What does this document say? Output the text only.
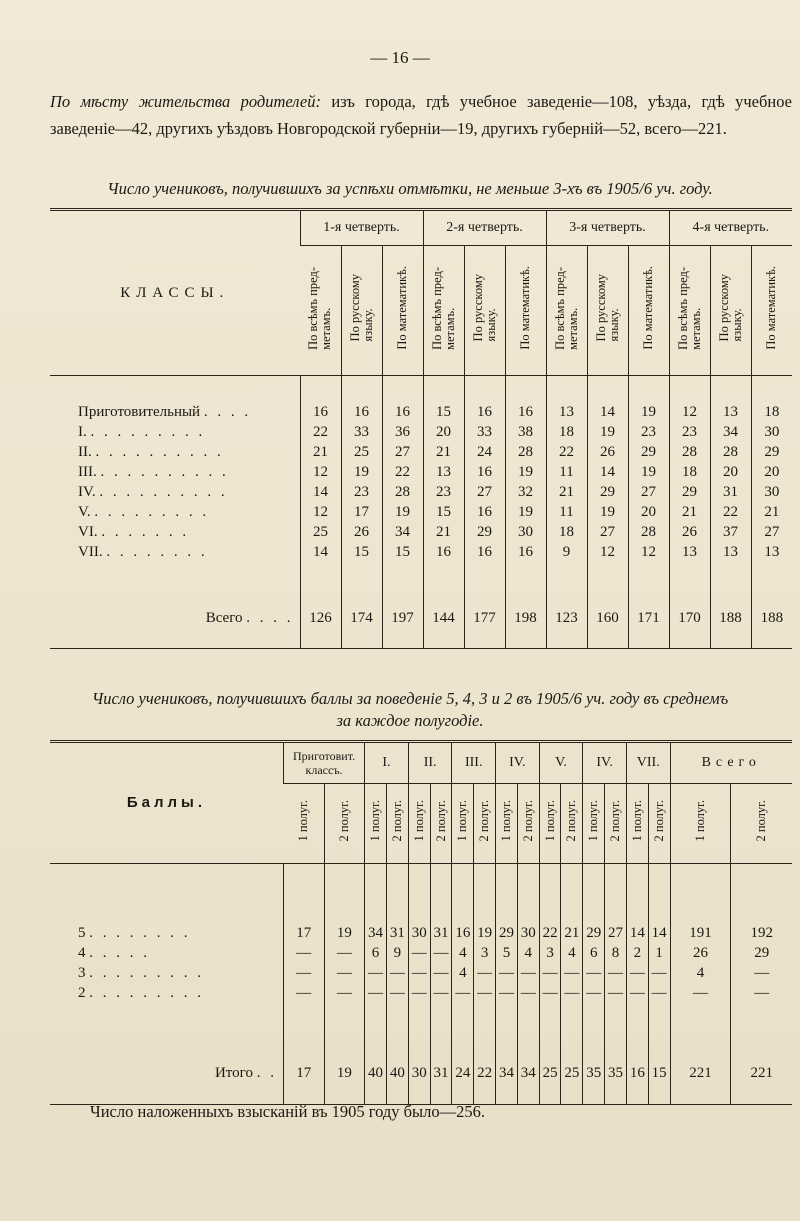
— 16 —
По мѣсту жительства родителей: изъ города, гдѣ учебное заведеніе—108, уѣзда, гдѣ учебное заведеніе—42, другихъ уѣздовъ Новгородской губерніи—19, другихъ губерній—52, всего—221.
Число учениковъ, получившихъ за успѣхи отмѣтки, не меньше 3-хъ въ 1905/6 уч. году.
КЛАССЫ.	1-я четверть.			2-я четверть.			3-я четверть.			4-я четверть.		
	По всѣмъ пред-
метамъ.	По русскому
языку.	По математикѣ.	По всѣмъ пред-
метамъ.	По русскому
языку.	По математикѣ.	По всѣмъ пред-
метамъ.	По русскому
языку.	По математикѣ.	По всѣмъ пред-
метамъ.	По русскому
языку.	По математикѣ.

Приготовительный . . . .	16	16	16	15	16	16	13	14	19	12	13	18
I. . . . . . . . . .	22	33	36	20	33	38	18	19	23	23	34	30
II. . . . . . . . . . .	21	25	27	21	24	28	22	26	29	28	28	29
III. . . . . . . . . . .	12	19	22	13	16	19	11	14	19	18	20	20
IV. . . . . . . . . . .	14	23	28	23	27	32	21	29	27	29	31	30
V. . . . . . . . . .	12	17	19	15	16	19	11	19	20	21	22	21
VI. . . . . . . .	25	26	34	21	29	30	18	27	28	26	37	27
VII. . . . . . . . .	14	15	15	16	16	16	9	12	12	13	13	13

Всего . . . .	126	174	197	144	177	198	123	160	171	170	188	188
Число учениковъ, получившихъ баллы за поведеніе 5, 4, 3 и 2 въ 1905/6 уч. году въ среднемъ
за каждое полугодіе.
Баллы.	Приготовит. классъ.		I.		II.		III.		IV.		V.		IV.		VII.		Всего	
	1 полуг.	2 полуг.	1 полуг.	2 полуг.	1 полуг.	2 полуг.	1 полуг.	2 полуг.	1 полуг.	2 полуг.	1 полуг.	2 полуг.	1 полуг.	2 полуг.	1 полуг.	2 полуг.	1 полуг.	2 полуг.

5 . . . . . . . .	17	19	34	31	30	31	16	19	29	30	22	21	29	27	14	14	191	192
4 . . . . .	—	—	6	9	—	—	4	3	5	4	3	4	6	8	2	1	26	29
3 . . . . . . . . .	—	—	—	—	—	—	4	—	—	—	—	—	—	—	—	—	4	—
2 . . . . . . . . .	—	—	—	—	—	—	—	—	—	—	—	—	—	—	—	—	—	—

Итого . .	17	19	40	40	30	31	24	22	34	34	25	25	35	35	16	15	221	221
Число наложенныхъ взысканій въ 1905 году было—256.
